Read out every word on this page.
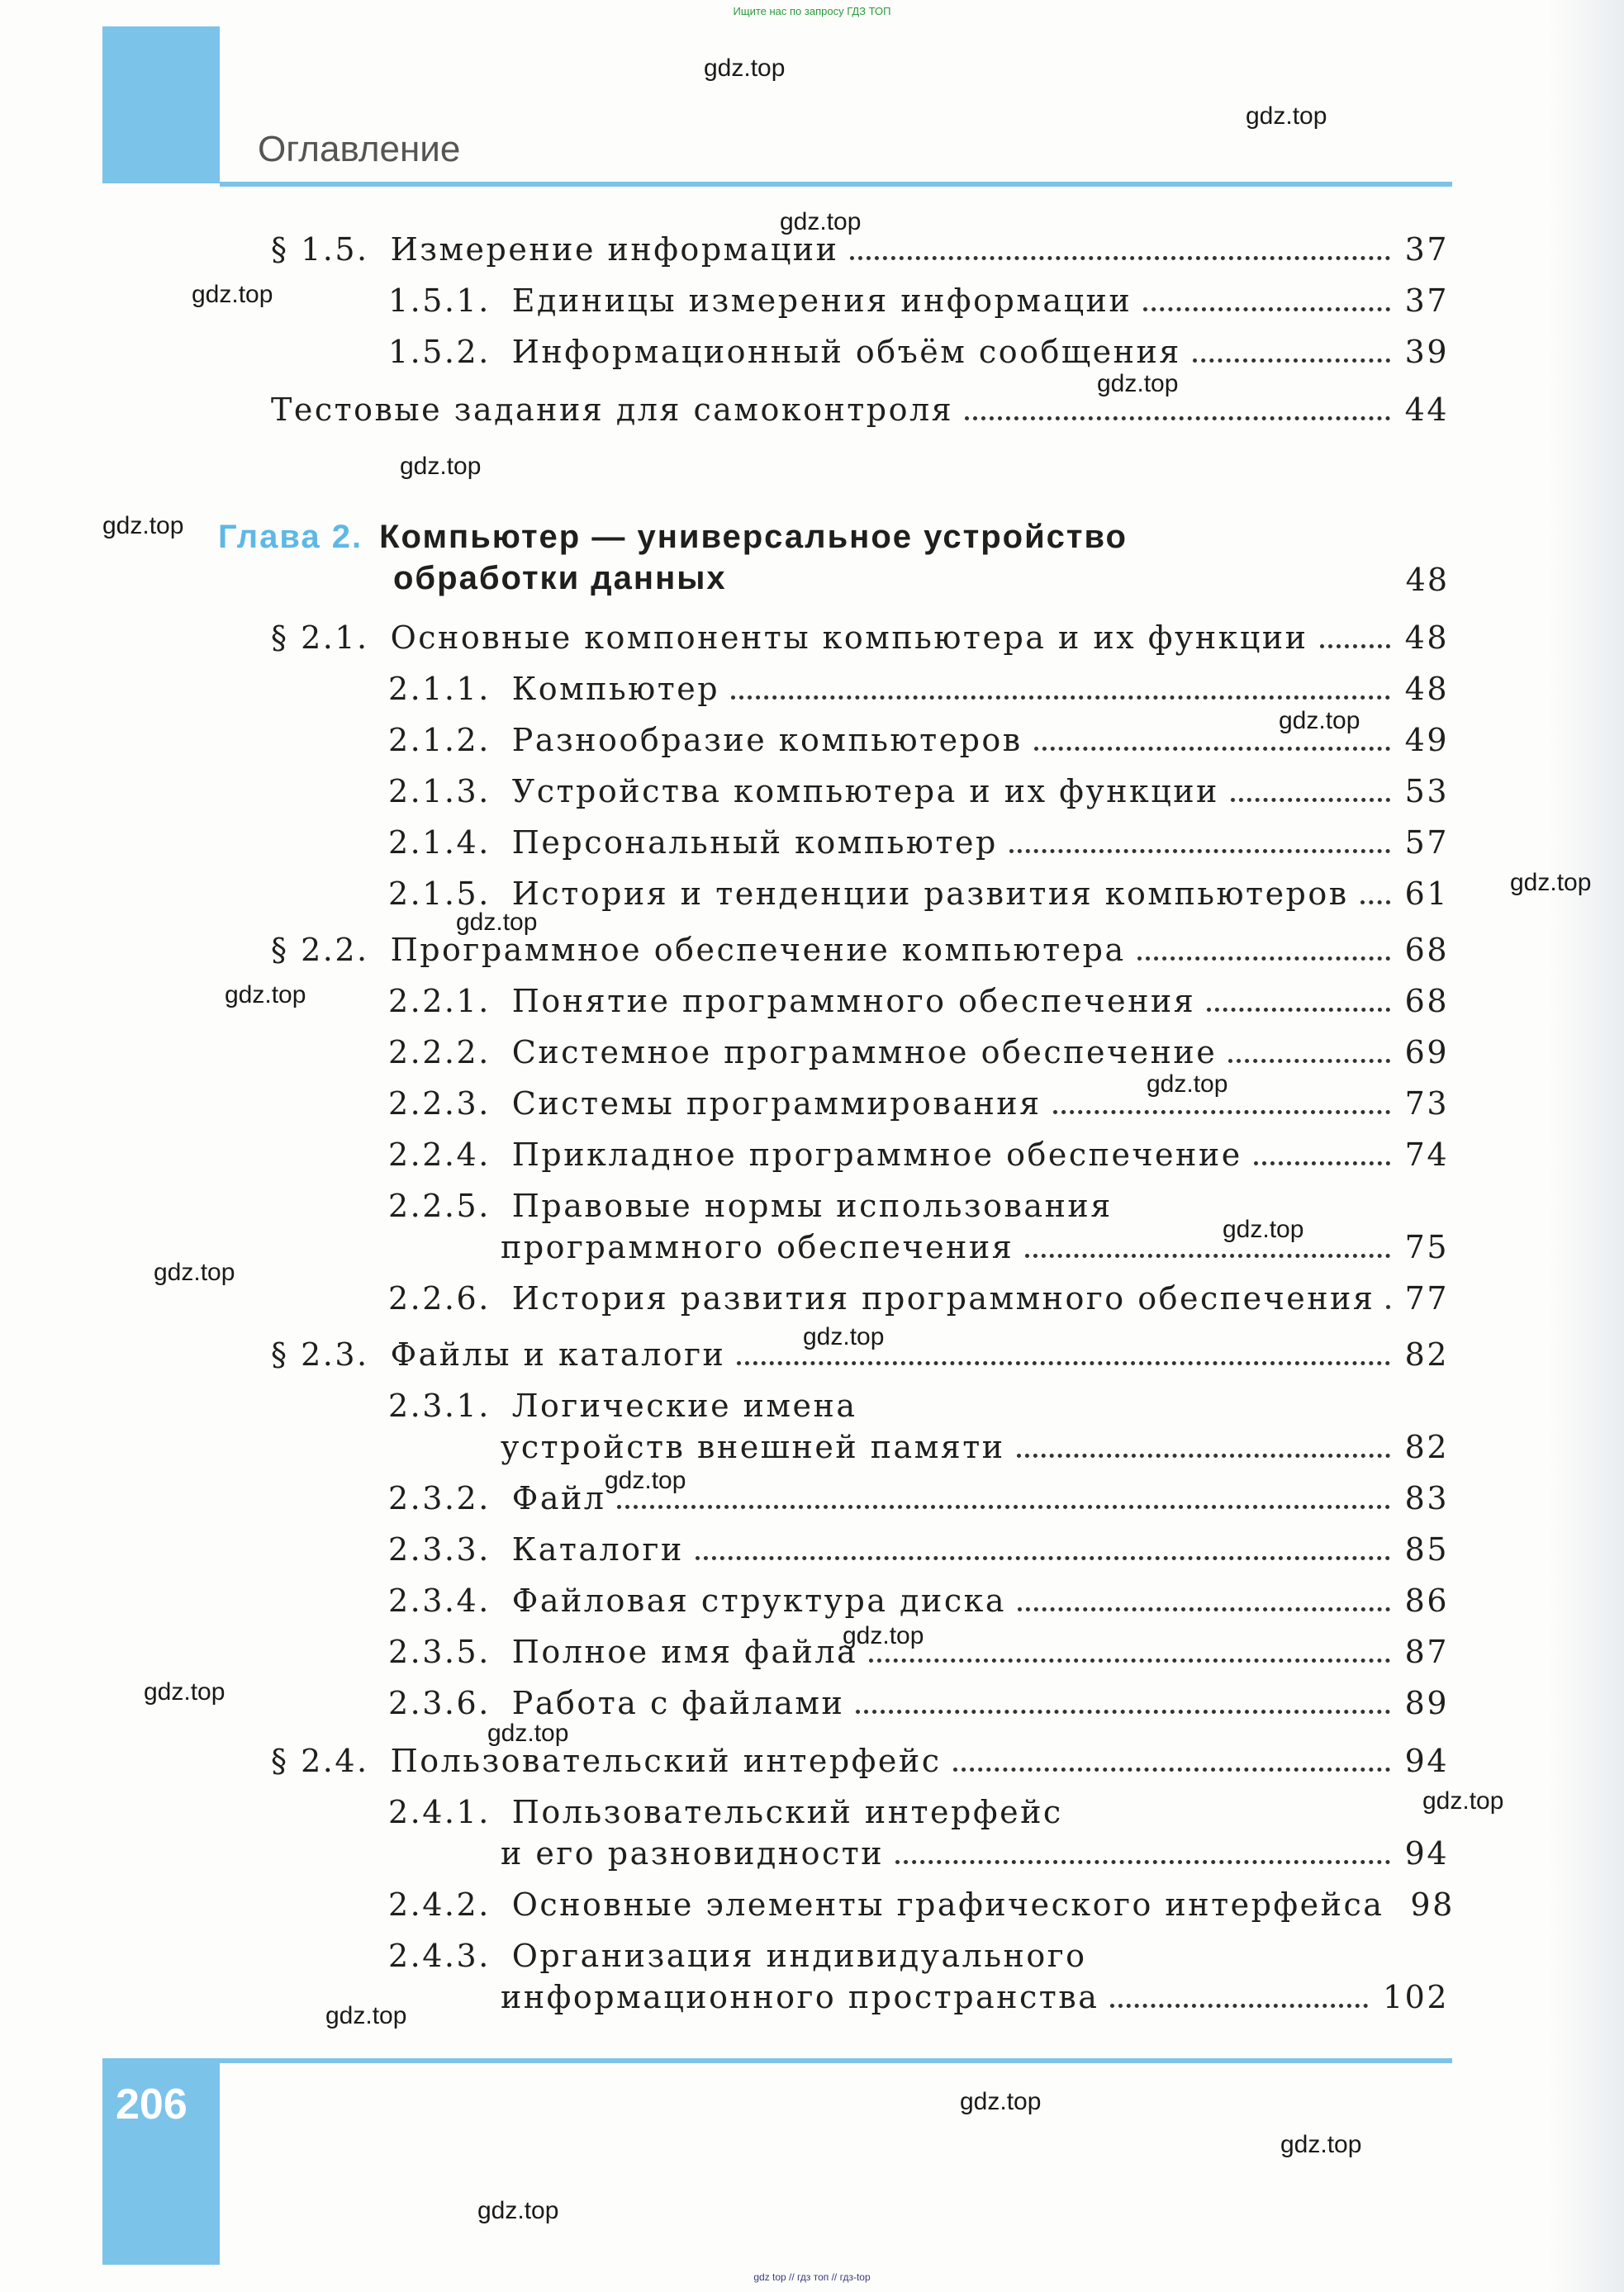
Ищите нас по запросу ГДЗ ТОП
Оглавление
§ 1.5. Измерение информации	37
1.5.1. Единицы измерения информации	37
1.5.2. Информационный объём сообщения	39
Тестовые задания для самоконтроля	44
Глава 2. Компьютер — универсальное устройство
обработки данных	48
§ 2.1. Основные компоненты компьютера и их функции	48
2.1.1. Компьютер	48
2.1.2. Разнообразие компьютеров	49
2.1.3. Устройства компьютера и их функции	53
2.1.4. Персональный компьютер	57
2.1.5. История и тенденции развития компьютеров 61
§ 2.2. Программное обеспечение компьютера	68
2.2.1. Понятие программного обеспечения	68
2.2.2. Системное программное обеспечение	69
2.2.3. Системы программирования	73
2.2.4. Прикладное программное обеспечение	74
2.2.5. Правовые нормы использования
программного обеспечения	75
2.2.6. История развития программного обеспечения 77
§ 2.3. Файлы и каталоги	82
2.3.1. Логические имена
устройств внешней памяти	82
2.3.2. Файл	83
2.3.3. Каталоги	85
2.3.4. Файловая структура диска	86
2.3.5. Полное имя файла	87
2.3.6. Работа с файлами	89
§ 2.4. Пользовательский интерфейс	94
2.4.1. Пользовательский интерфейс
и его разновидности	94
2.4.2. Основные элементы графического интерфейса 98
2.4.3. Организация индивидуального
информационного пространства	102
206
gdz.top
gdz.top
gdz.top
gdz.top
gdz.top
gdz.top
gdz.top
gdz.top
gdz.top
gdz.top
gdz.top
gdz.top
gdz.top
gdz.top
gdz.top
gdz.top
gdz.top
gdz.top
gdz.top
gdz.top
gdz.top
gdz.top
gdz.top
gdz.top
gdz top // гдз топ // гдз-top
